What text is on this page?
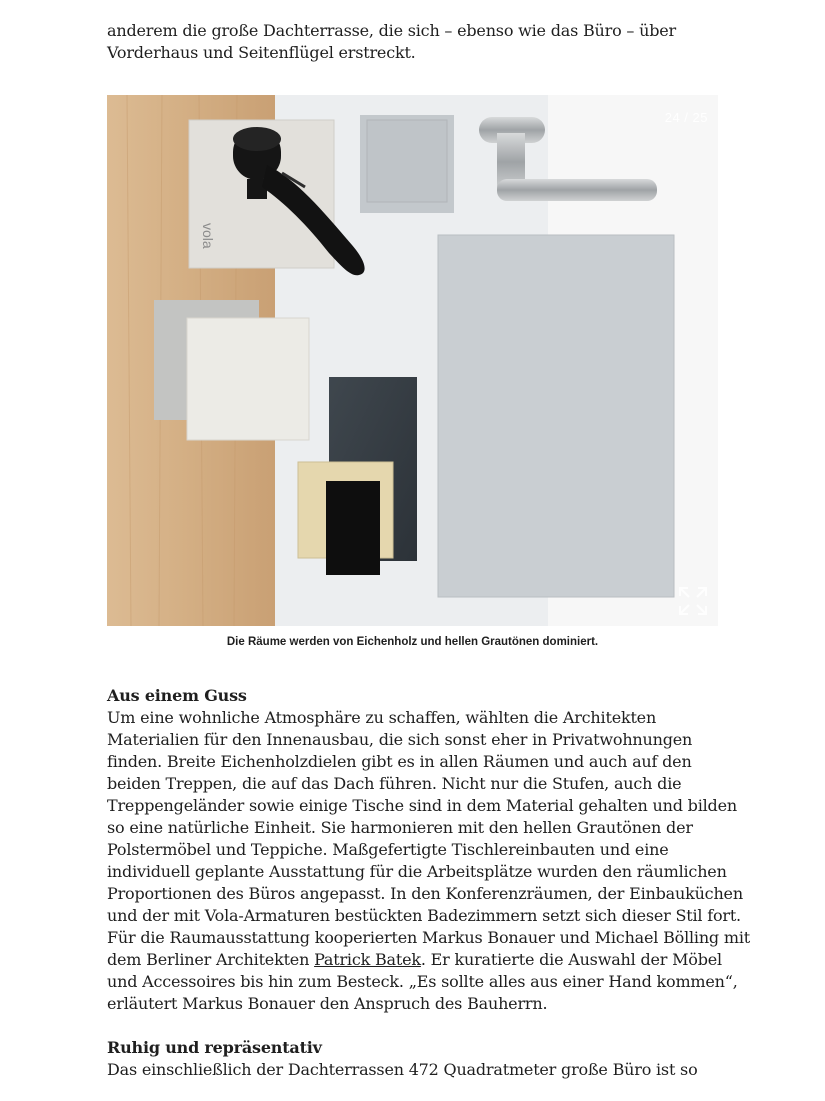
anderem die große Dachterrasse, die sich – ebenso wie das Büro – über
Vorderhaus und Seitenflügel erstreckt.
vola
24 / 25
Die Räume werden von Eichenholz und hellen Grautönen dominiert.
Aus einem Guss
Um eine wohnliche Atmosphäre zu schaffen, wählten die Architekten
Materialien für den Innenausbau, die sich sonst eher in Privatwohnungen
finden. Breite Eichenholzdielen gibt es in allen Räumen und auch auf den
beiden Treppen, die auf das Dach führen. Nicht nur die Stufen, auch die
Treppengeländer sowie einige Tische sind in dem Material gehalten und bilden
so eine natürliche Einheit. Sie harmonieren mit den hellen Grautönen der
Polstermöbel und Teppiche. Maßgefertigte Tischlereinbauten und eine
individuell geplante Ausstattung für die Arbeitsplätze wurden den räumlichen
Proportionen des Büros angepasst. In den Konferenzräumen, der Einbauküchen
und der mit Vola-Armaturen bestückten Badezimmern setzt sich dieser Stil fort.
Für die Raumausstattung kooperierten Markus Bonauer und Michael Bölling mit
dem Berliner Architekten Patrick Batek. Er kuratierte die Auswahl der Möbel
und Accessoires bis hin zum Besteck. „Es sollte alles aus einer Hand kommen“,
erläutert Markus Bonauer den Anspruch des Bauherrn.
Ruhig und repräsentativ
Das einschließlich der Dachterrassen 472 Quadratmeter große Büro ist so
